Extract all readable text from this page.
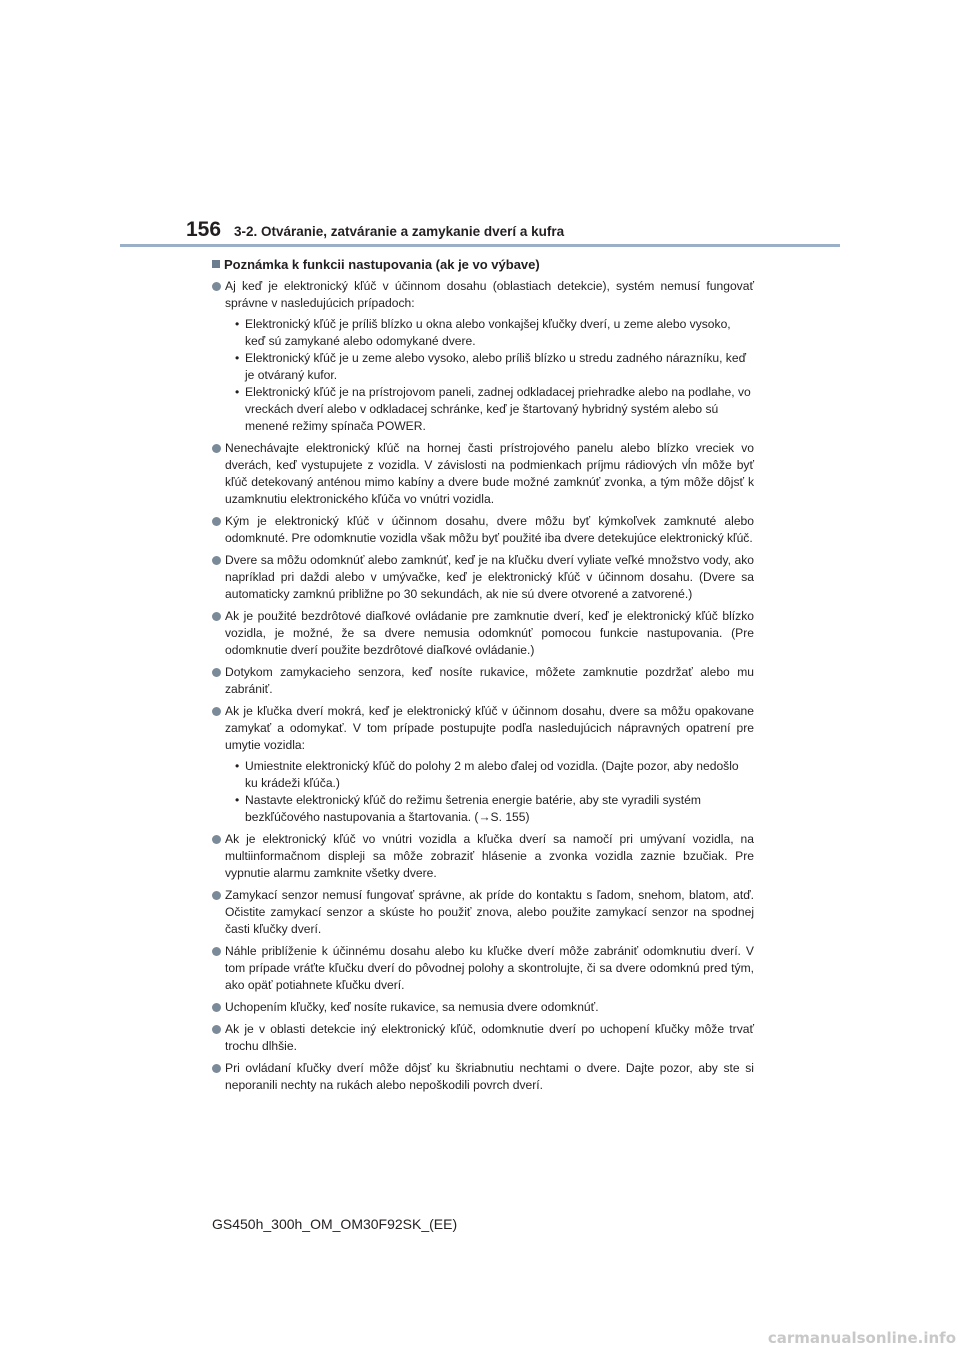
156 3-2. Otváranie, zatváranie a zamykanie dverí a kufra
Poznámka k funkcii nastupovania (ak je vo výbave)
Aj keď je elektronický kľúč v účinnom dosahu (oblastiach detekcie), systém nemusí fungovať správne v nasledujúcich prípadoch:
• Elektronický kľúč je príliš blízko u okna alebo vonkajšej kľučky dverí, u zeme alebo vysoko, keď sú zamykané alebo odomykané dvere.
• Elektronický kľúč je u zeme alebo vysoko, alebo príliš blízko u stredu zadného nárazníku, keď je otváraný kufor.
• Elektronický kľúč je na prístrojovom paneli, zadnej odkladacej priehradke alebo na podlahe, vo vreckách dverí alebo v odkladacej schránke, keď je štartovaný hybridný systém alebo sú menené režimy spínača POWER.
Nenechávajte elektronický kľúč na hornej časti prístrojového panelu alebo blízko vreciek vo dverách, keď vystupujete z vozidla. V závislosti na podmienkach príjmu rádiových vĺn môže byť kľúč detekovaný anténou mimo kabíny a dvere bude možné zamknúť zvonka, a tým môže dôjsť k uzamknutiu elektronického kľúča vo vnútri vozidla.
Kým je elektronický kľúč v účinnom dosahu, dvere môžu byť kýmkoľvek zamknuté alebo odomknuté. Pre odomknutie vozidla však môžu byť použité iba dvere detekujúce elektronický kľúč.
Dvere sa môžu odomknúť alebo zamknúť, keď je na kľučku dverí vyliate veľké množstvo vody, ako napríklad pri daždi alebo v umývačke, keď je elektronický kľúč v účinnom dosahu. (Dvere sa automaticky zamknú približne po 30 sekundách, ak nie sú dvere otvorené a zatvorené.)
Ak je použité bezdrôtové diaľkové ovládanie pre zamknutie dverí, keď je elektronický kľúč blízko vozidla, je možné, že sa dvere nemusia odomknúť pomocou funkcie nastupovania. (Pre odomknutie dverí použite bezdrôtové diaľkové ovládanie.)
Dotykom zamykacieho senzora, keď nosíte rukavice, môžete zamknutie pozdržať alebo mu zabrániť.
Ak je kľučka dverí mokrá, keď je elektronický kľúč v účinnom dosahu, dvere sa môžu opakovane zamykať a odomykať. V tom prípade postupujte podľa nasledujúcich nápravných opatrení pre umytie vozidla:
• Umiestnite elektronický kľúč do polohy 2 m alebo ďalej od vozidla. (Dajte pozor, aby nedošlo ku krádeži kľúča.)
• Nastavte elektronický kľúč do režimu šetrenia energie batérie, aby ste vyradili systém bezkľúčového nastupovania a štartovania. (→S. 155)
Ak je elektronický kľúč vo vnútri vozidla a kľučka dverí sa namočí pri umývaní vozidla, na multiinformačnom displeji sa môže zobraziť hlásenie a zvonka vozidla zaznie bzučiak. Pre vypnutie alarmu zamknite všetky dvere.
Zamykací senzor nemusí fungovať správne, ak príde do kontaktu s ľadom, snehom, blatom, atď. Očistite zamykací senzor a skúste ho použiť znova, alebo použite zamykací senzor na spodnej časti kľučky dverí.
Náhle priblíženie k účinnému dosahu alebo ku kľučke dverí môže zabrániť odomknutiu dverí. V tom prípade vráťte kľučku dverí do pôvodnej polohy a skontrolujte, či sa dvere odomknú pred tým, ako opäť potiahnete kľučku dverí.
Uchopením kľučky, keď nosíte rukavice, sa nemusia dvere odomknúť.
Ak je v oblasti detekcie iný elektronický kľúč, odomknutie dverí po uchopení kľučky môže trvať trochu dlhšie.
Pri ovládaní kľučky dverí môže dôjsť ku škriabnutiu nechtami o dvere. Dajte pozor, aby ste si neporanili nechty na rukách alebo nepoškodili povrch dverí.
GS450h_300h_OM_OM30F92SK_(EE)
carmanualsonline.info
